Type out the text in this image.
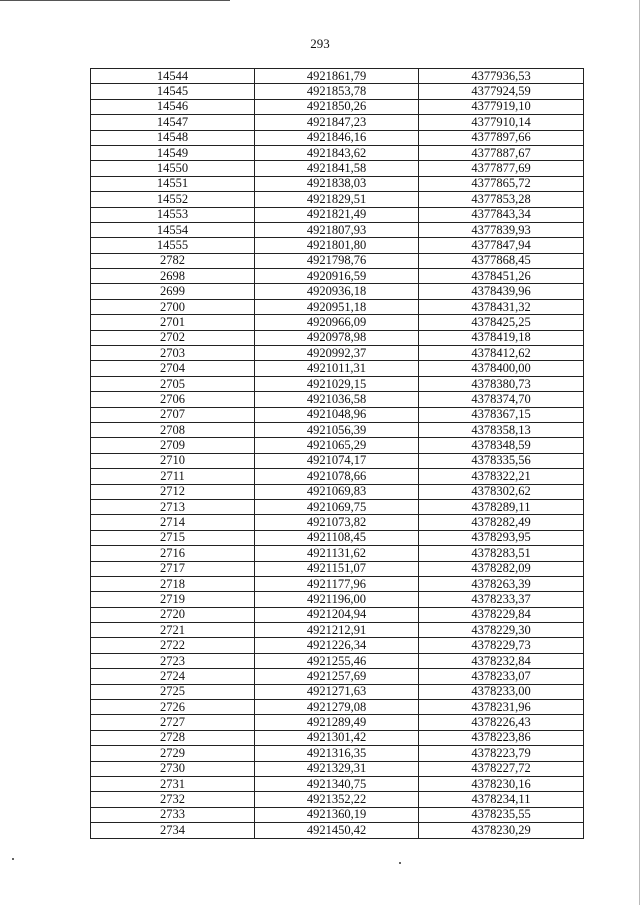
293
14544	4921861,79	4377936,53
14545	4921853,78	4377924,59
14546	4921850,26	4377919,10
14547	4921847,23	4377910,14
14548	4921846,16	4377897,66
14549	4921843,62	4377887,67
14550	4921841,58	4377877,69
14551	4921838,03	4377865,72
14552	4921829,51	4377853,28
14553	4921821,49	4377843,34
14554	4921807,93	4377839,93
14555	4921801,80	4377847,94
2782	4921798,76	4377868,45
2698	4920916,59	4378451,26
2699	4920936,18	4378439,96
2700	4920951,18	4378431,32
2701	4920966,09	4378425,25
2702	4920978,98	4378419,18
2703	4920992,37	4378412,62
2704	4921011,31	4378400,00
2705	4921029,15	4378380,73
2706	4921036,58	4378374,70
2707	4921048,96	4378367,15
2708	4921056,39	4378358,13
2709	4921065,29	4378348,59
2710	4921074,17	4378335,56
2711	4921078,66	4378322,21
2712	4921069,83	4378302,62
2713	4921069,75	4378289,11
2714	4921073,82	4378282,49
2715	4921108,45	4378293,95
2716	4921131,62	4378283,51
2717	4921151,07	4378282,09
2718	4921177,96	4378263,39
2719	4921196,00	4378233,37
2720	4921204,94	4378229,84
2721	4921212,91	4378229,30
2722	4921226,34	4378229,73
2723	4921255,46	4378232,84
2724	4921257,69	4378233,07
2725	4921271,63	4378233,00
2726	4921279,08	4378231,96
2727	4921289,49	4378226,43
2728	4921301,42	4378223,86
2729	4921316,35	4378223,79
2730	4921329,31	4378227,72
2731	4921340,75	4378230,16
2732	4921352,22	4378234,11
2733	4921360,19	4378235,55
2734	4921450,42	4378230,29
